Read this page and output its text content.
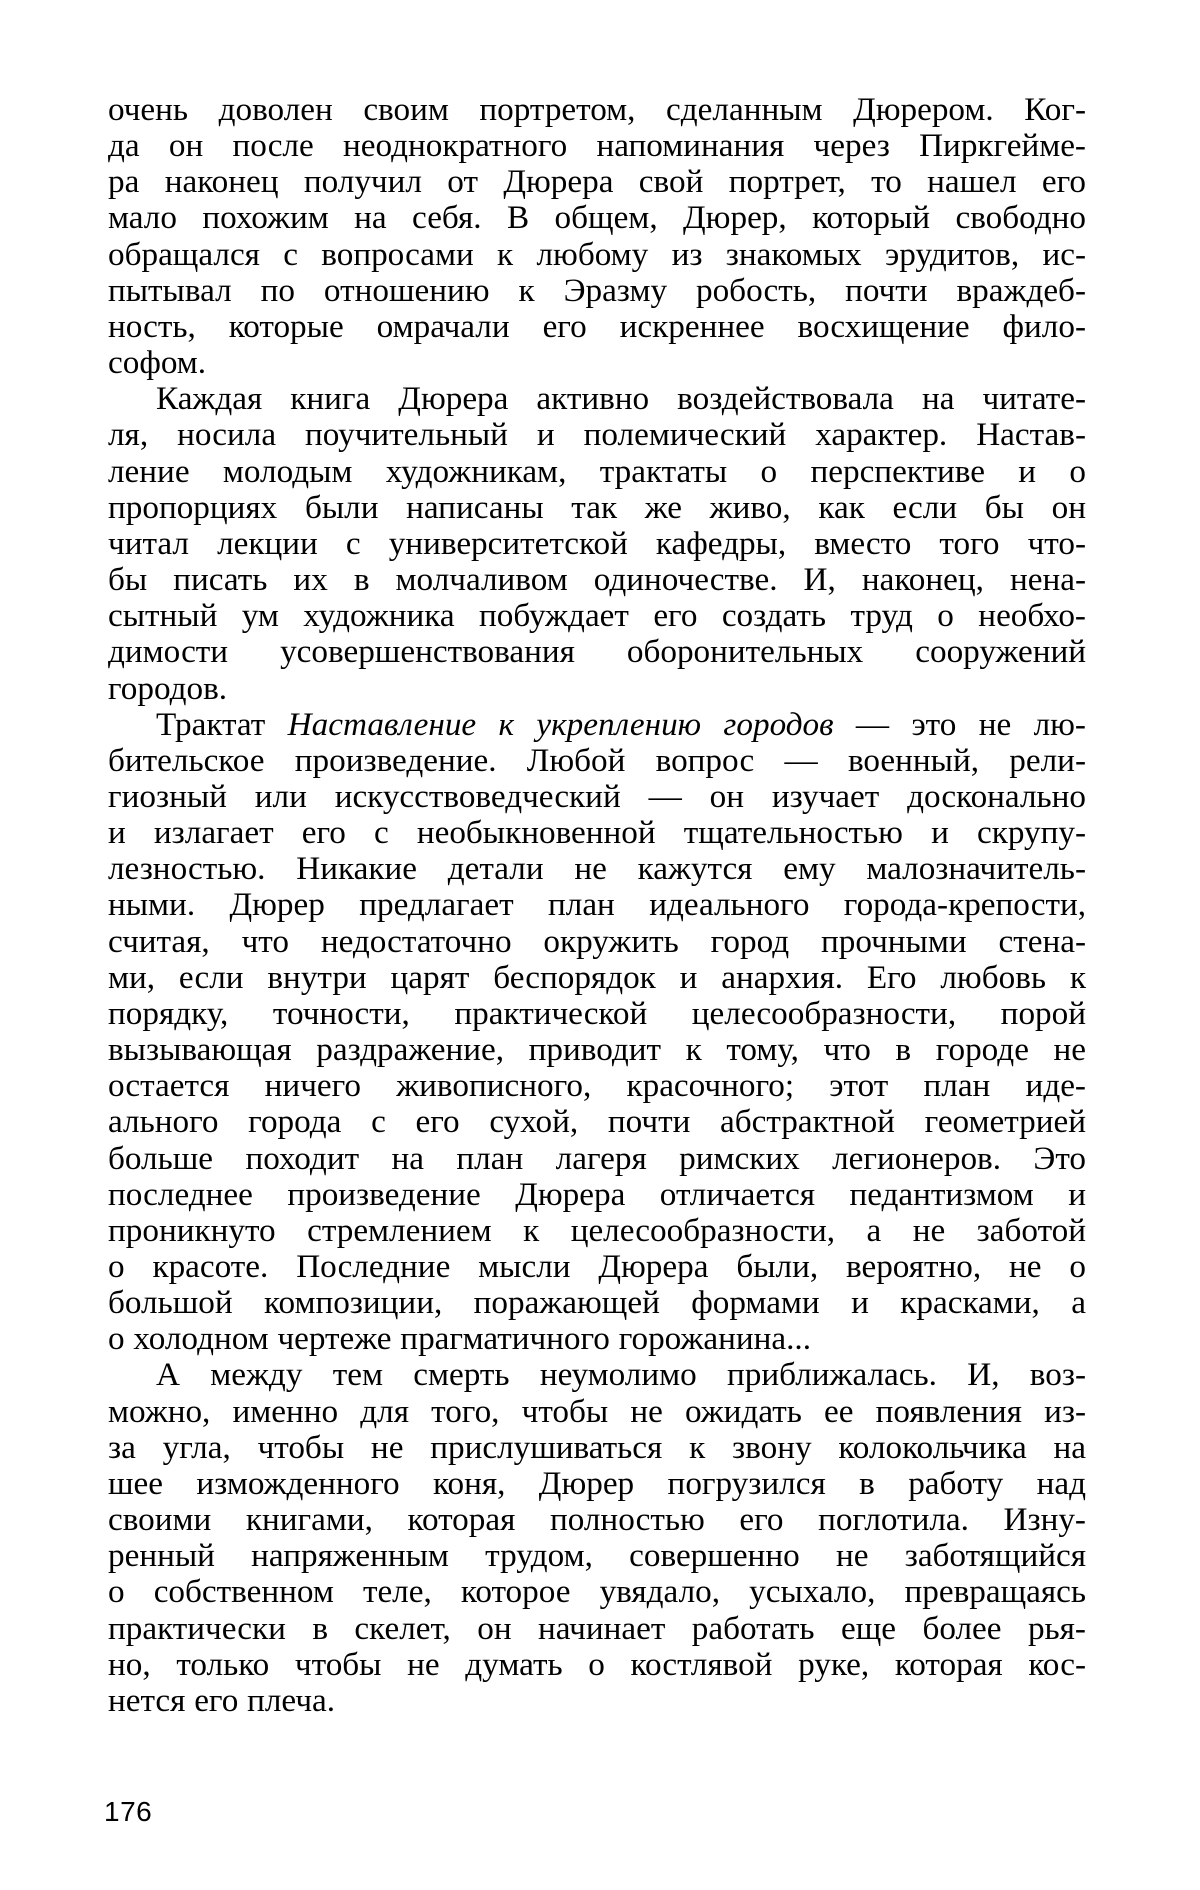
очень доволен своим портретом, сделанным Дюрером. Ког-
да он после неоднократного напоминания через Пиркгейме-
ра наконец получил от Дюрера свой портрет, то нашел его
мало похожим на себя. В общем, Дюрер, который свободно
обращался с вопросами к любому из знакомых эрудитов, ис-
пытывал по отношению к Эразму робость, почти враждеб-
ность, которые омрачали его искреннее восхищение фило-
софом.

Каждая книга Дюрера активно воздействовала на читате-
ля, носила поучительный и полемический характер. Настав-
ление молодым художникам, трактаты о перспективе и о
пропорциях были написаны так же живо, как если бы он
читал лекции с университетской кафедры, вместо того что-
бы писать их в молчаливом одиночестве. И, наконец, нена-
сытный ум художника побуждает его создать труд о необхо-
димости усовершенствования оборонительных сооружений
городов.

Трактат Наставление к укреплению городов — это не лю-
бительское произведение. Любой вопрос — военный, рели-
гиозный или искусствоведческий — он изучает досконально
и излагает его с необыкновенной тщательностью и скрупу-
лезностью. Никакие детали не кажутся ему малозначитель-
ными. Дюрер предлагает план идеального города-крепости,
считая, что недостаточно окружить город прочными стена-
ми, если внутри царят беспорядок и анархия. Его любовь к
порядку, точности, практической целесообразности, порой
вызывающая раздражение, приводит к тому, что в городе не
остается ничего живописного, красочного; этот план иде-
ального города с его сухой, почти абстрактной геометрией
больше походит на план лагеря римских легионеров. Это
последнее произведение Дюрера отличается педантизмом и
проникнуто стремлением к целесообразности, а не заботой
о красоте. Последние мысли Дюрера были, вероятно, не о
большой композиции, поражающей формами и красками, а
о холодном чертеже прагматичного горожанина...

А между тем смерть неумолимо приближалась. И, воз-
можно, именно для того, чтобы не ожидать ее появления из-
за угла, чтобы не прислушиваться к звону колокольчика на
шее изможденного коня, Дюрер погрузился в работу над
своими книгами, которая полностью его поглотила. Изну-
ренный напряженным трудом, совершенно не заботящийся
о собственном теле, которое увядало, усыхало, превращаясь
практически в скелет, он начинает работать еще более рья-
но, только чтобы не думать о костлявой руке, которая кос-
нется его плеча.

176
